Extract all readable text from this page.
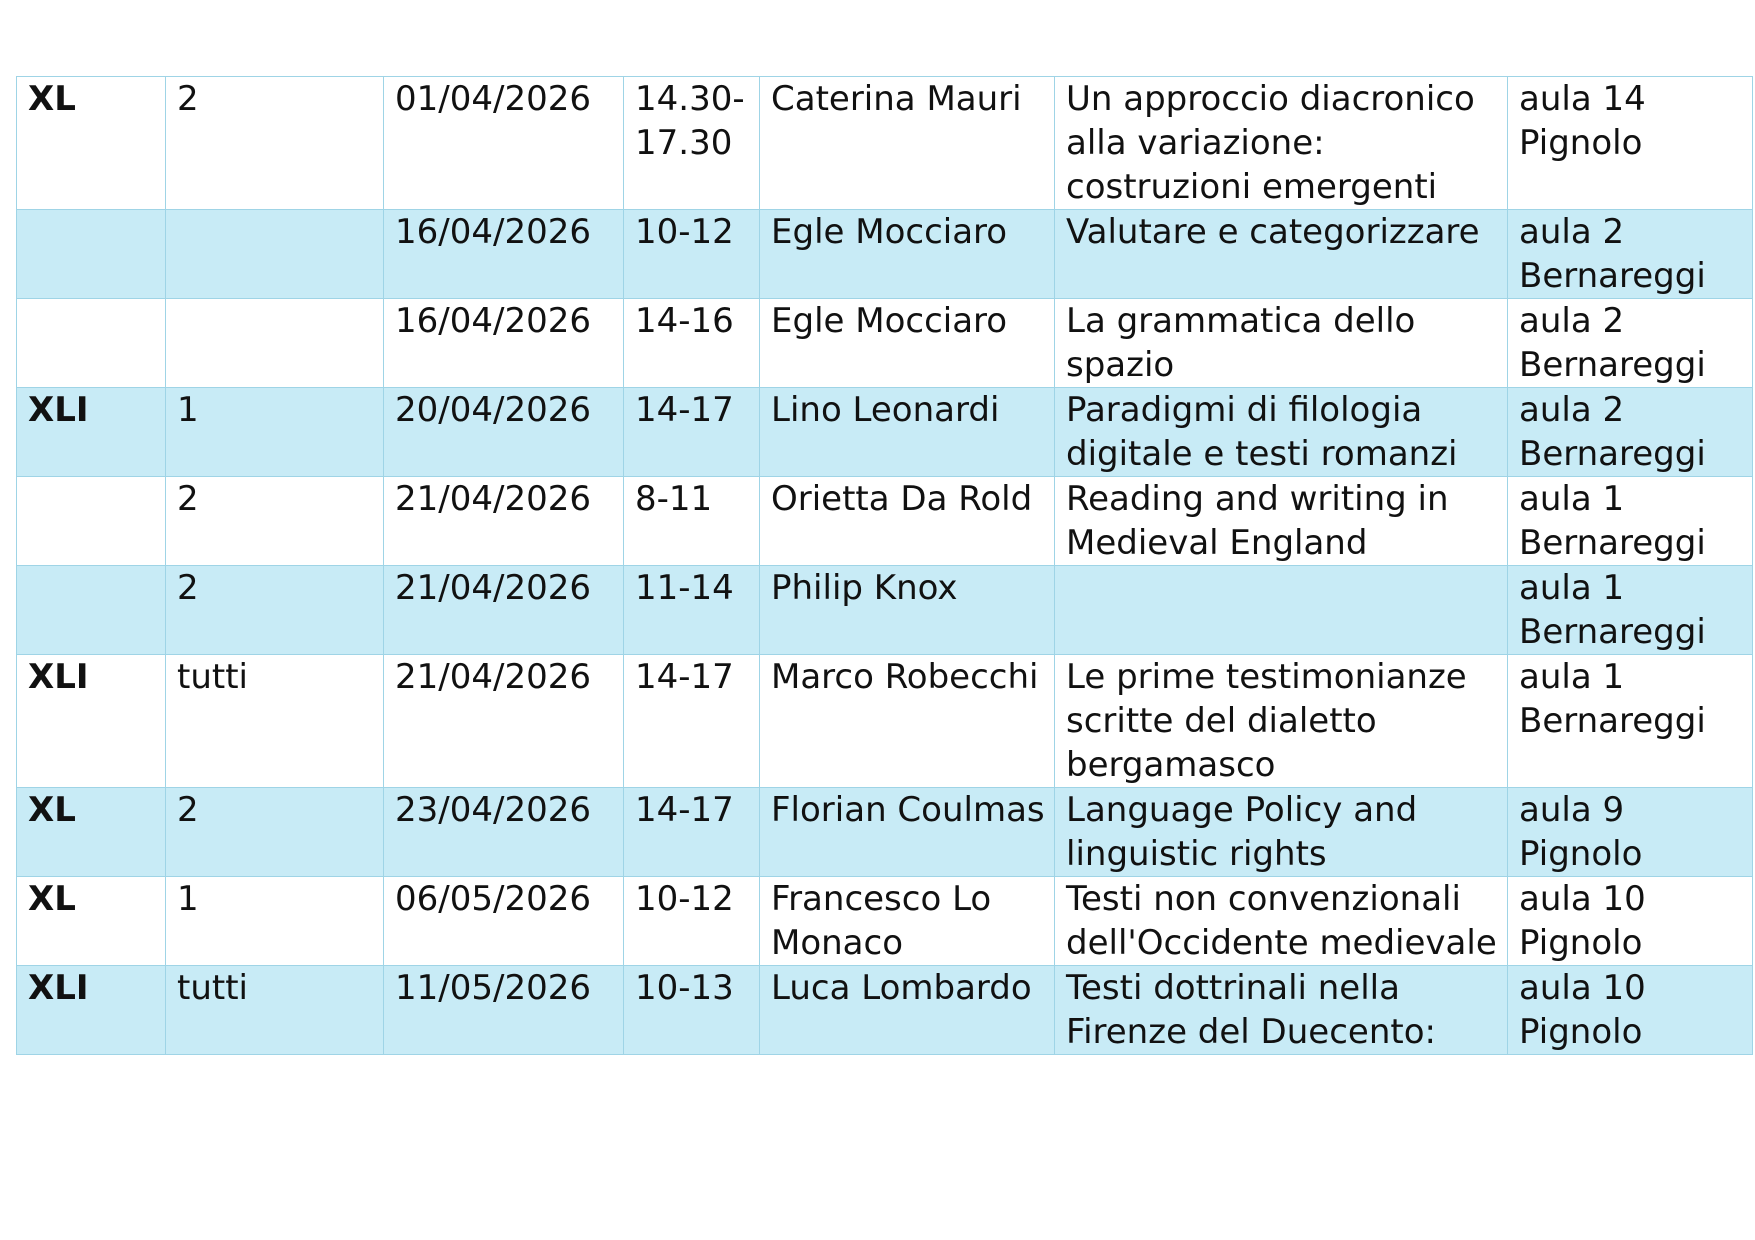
XL	2	01/04/2026	14.30-17.30	Caterina Mauri	Un approccio diacronico alla variazione: costruzioni emergenti	aula 14 Pignolo
		16/04/2026	10-12	Egle Mocciaro	Valutare e categorizzare	aula 2 Bernareggi
		16/04/2026	14-16	Egle Mocciaro	La grammatica dello spazio	aula 2 Bernareggi
XLI	1	20/04/2026	14-17	Lino Leonardi	Paradigmi di filologia digitale e testi romanzi	aula 2 Bernareggi
	2	21/04/2026	8-11	Orietta Da Rold	Reading and writing in Medieval England	aula 1 Bernareggi
	2	21/04/2026	11-14	Philip Knox		aula 1 Bernareggi
XLI	tutti	21/04/2026	14-17	Marco Robecchi	Le prime testimonianze scritte del dialetto bergamasco	aula 1 Bernareggi
XL	2	23/04/2026	14-17	Florian Coulmas	Language Policy and linguistic rights	aula 9 Pignolo
XL	1	06/05/2026	10-12	Francesco Lo Monaco	Testi non convenzionali dell'Occidente medievale	aula 10 Pignolo
XLI	tutti	11/05/2026	10-13	Luca Lombardo	Testi dottrinali nella Firenze del Duecento:	aula 10 Pignolo
